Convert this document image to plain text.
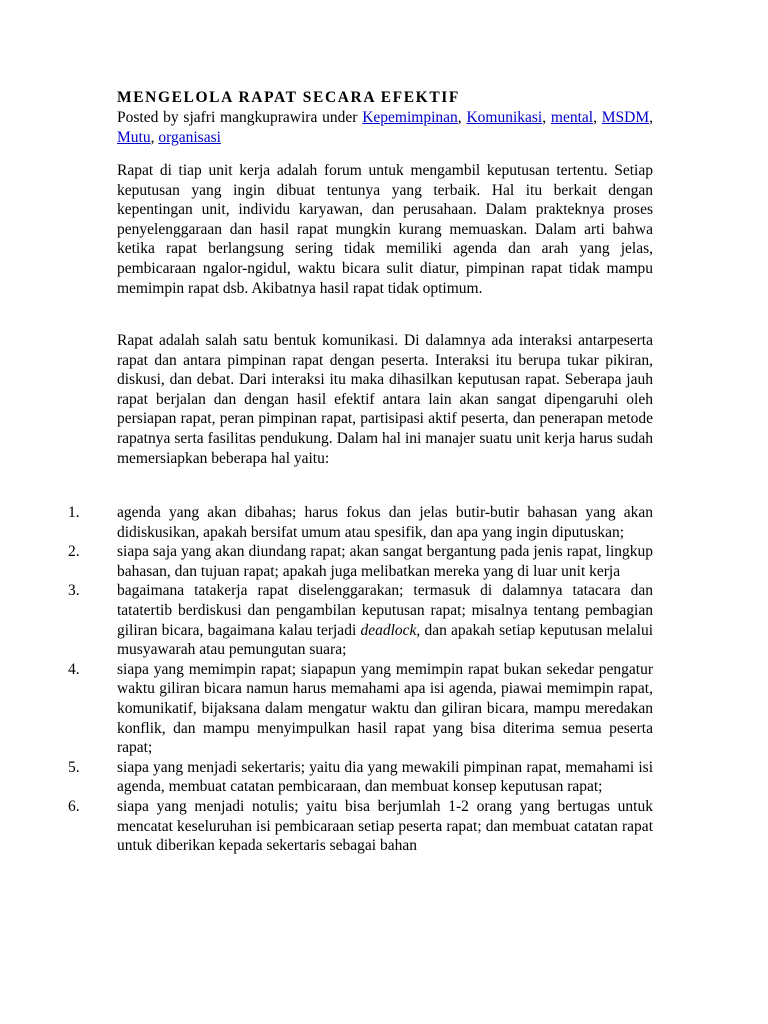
MENGELOLA RAPAT SECARA EFEKTIF

Posted by sjafri mangkuprawira under Kepemimpinan, Komunikasi, mental, MSDM, Mutu, organisasi

Rapat di tiap unit kerja adalah forum untuk mengambil keputusan tertentu. Setiap keputusan yang ingin dibuat tentunya yang terbaik. Hal itu berkait dengan kepentingan unit, individu karyawan, dan perusahaan. Dalam prakteknya proses penyelenggaraan dan hasil rapat mungkin kurang memuaskan. Dalam arti bahwa ketika rapat berlangsung sering tidak memiliki agenda dan arah yang jelas, pembicaraan ngalor-ngidul, waktu bicara sulit diatur, pimpinan rapat tidak mampu memimpin rapat dsb. Akibatnya hasil rapat tidak optimum.

Rapat adalah salah satu bentuk komunikasi. Di dalamnya ada interaksi antarpeserta rapat dan antara pimpinan rapat dengan peserta. Interaksi itu berupa tukar pikiran, diskusi, dan debat. Dari interaksi itu maka dihasilkan keputusan rapat. Seberapa jauh rapat berjalan dan dengan hasil efektif antara lain akan sangat dipengaruhi oleh persiapan rapat, peran pimpinan rapat, partisipasi aktif peserta, dan penerapan metode rapatnya serta fasilitas pendukung. Dalam hal ini manajer suatu unit kerja harus sudah memersiapkan beberapa hal yaitu:

1. agenda yang akan dibahas; harus fokus dan jelas butir-butir bahasan yang akan didiskusikan, apakah bersifat umum atau spesifik, dan apa yang ingin diputuskan;
2. siapa saja yang akan diundang rapat; akan sangat bergantung pada jenis rapat, lingkup bahasan, dan tujuan rapat; apakah juga melibatkan mereka yang di luar unit kerja
3. bagaimana tatakerja rapat diselenggarakan; termasuk di dalamnya tatacara dan tatatertib berdiskusi dan pengambilan keputusan rapat; misalnya tentang pembagian giliran bicara, bagaimana kalau terjadi deadlock, dan apakah setiap keputusan melalui musyawarah atau pemungutan suara;
4. siapa yang memimpin rapat; siapapun yang memimpin rapat bukan sekedar pengatur waktu giliran bicara namun harus memahami apa isi agenda, piawai memimpin rapat, komunikatif, bijaksana dalam mengatur waktu dan giliran bicara, mampu meredakan konflik, dan mampu menyimpulkan hasil rapat yang bisa diterima semua peserta rapat;
5. siapa yang menjadi sekertaris; yaitu dia yang mewakili pimpinan rapat, memahami isi agenda, membuat catatan pembicaraan, dan membuat konsep keputusan rapat;
6. siapa yang menjadi notulis; yaitu bisa berjumlah 1-2 orang yang bertugas untuk mencatat keseluruhan isi pembicaraan setiap peserta rapat; dan membuat catatan rapat untuk diberikan kepada sekertaris sebagai bahan
